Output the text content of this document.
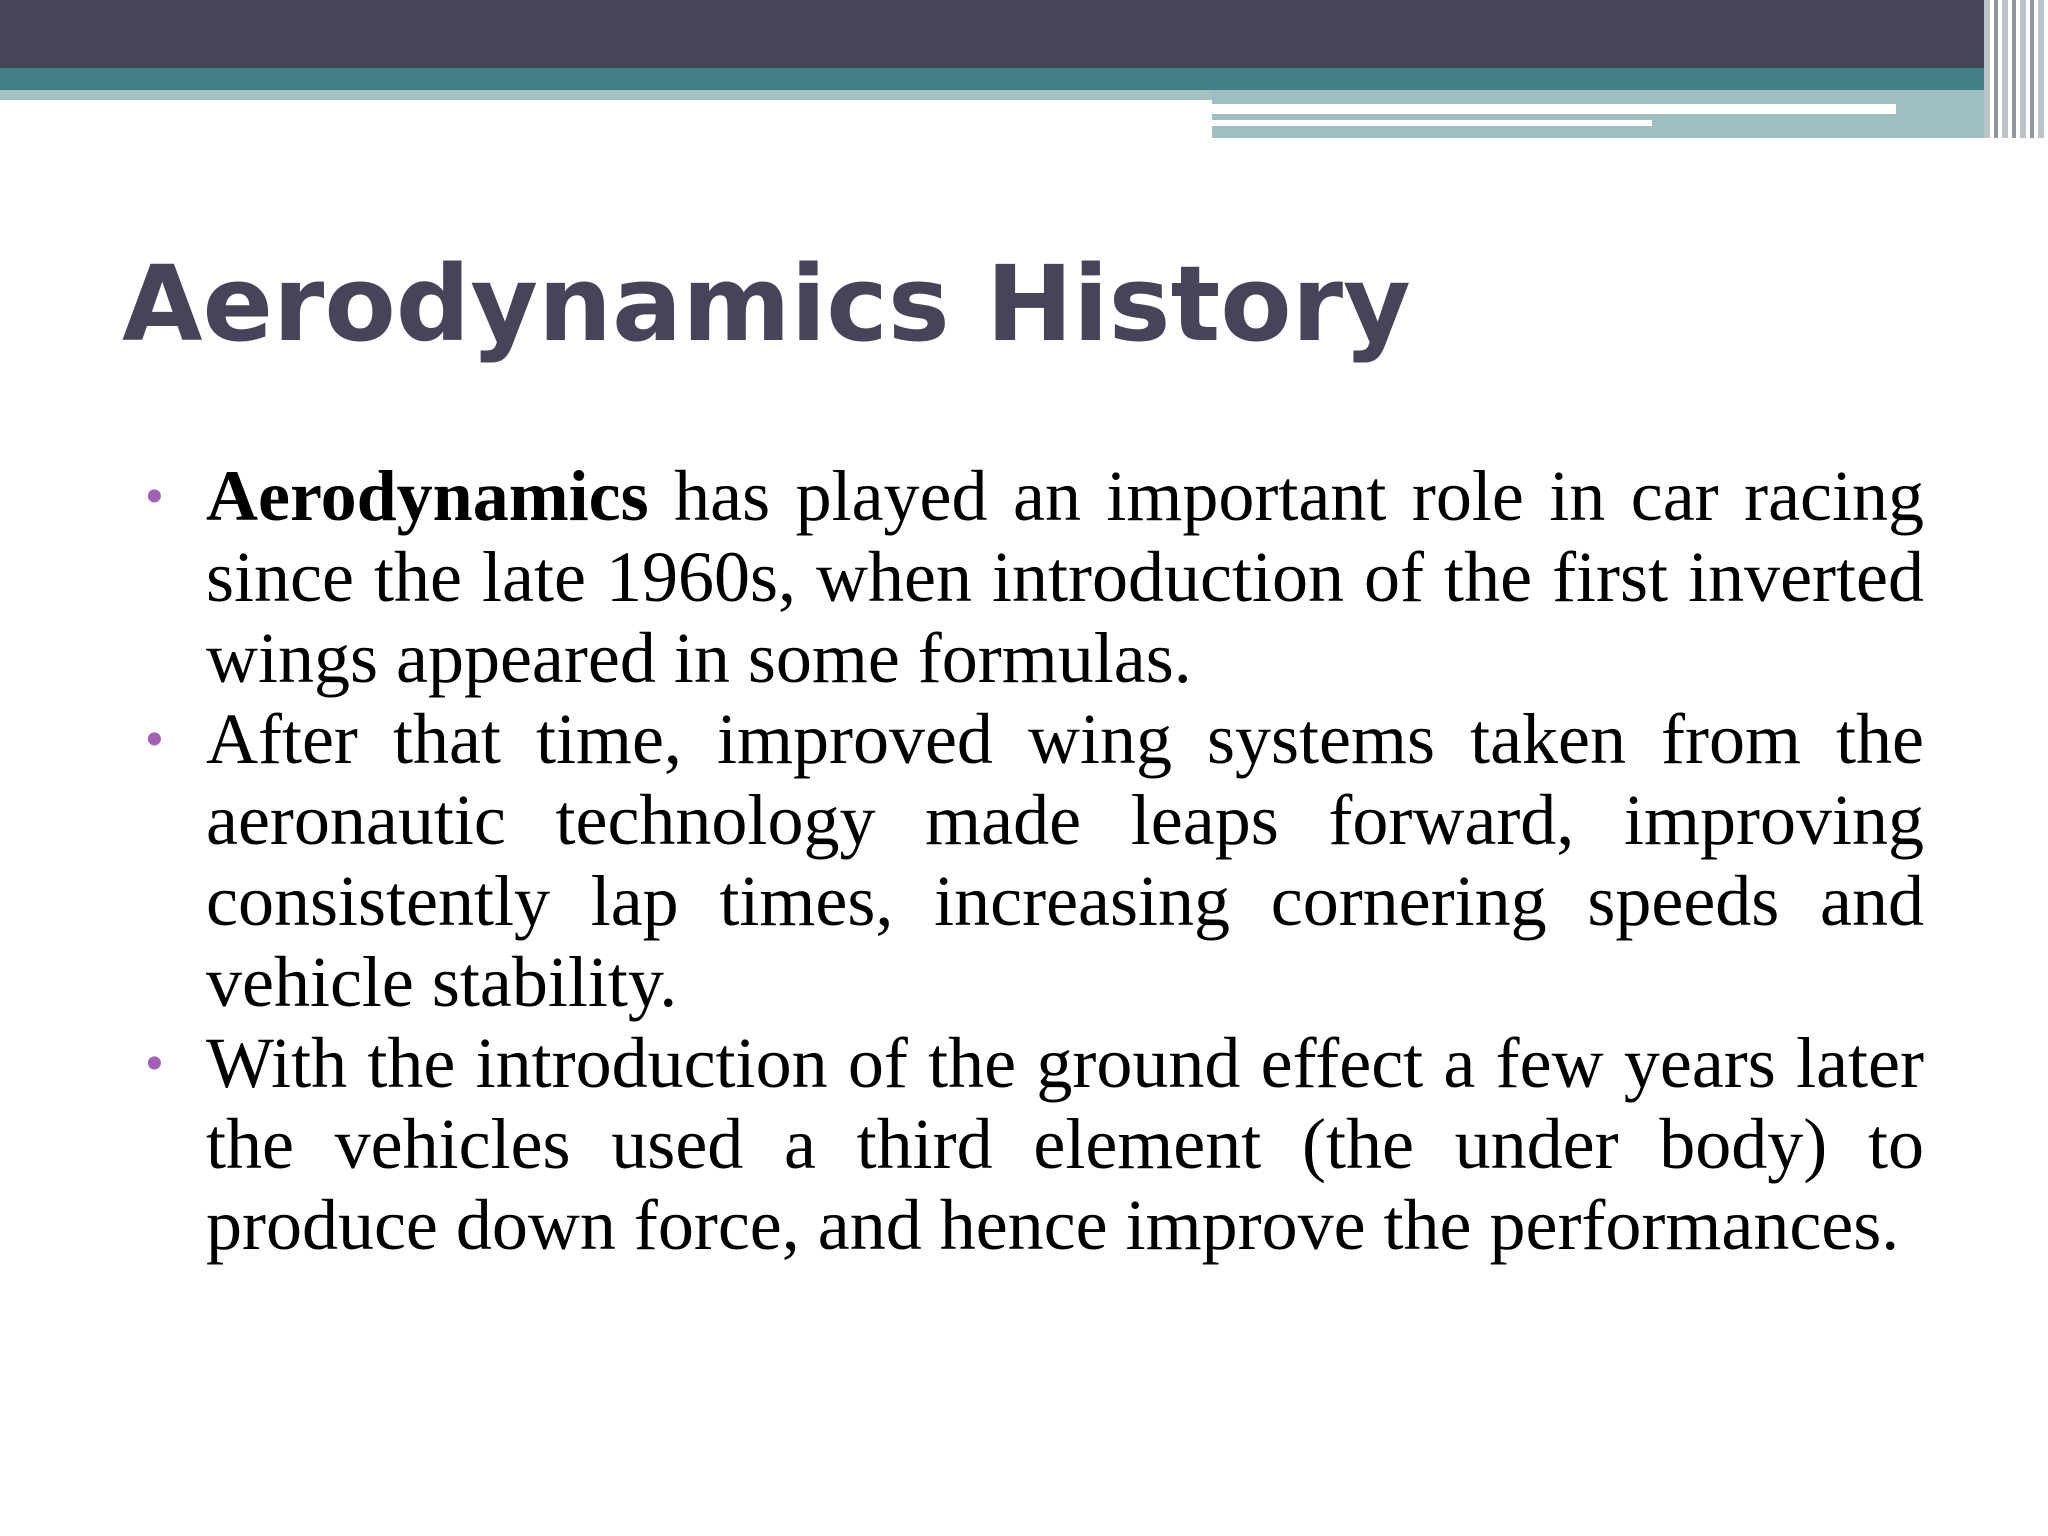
Aerodynamics History
• Aerodynamics has played an important role in car racing since the late 1960s, when introduction of the first inverted wings appeared in some formulas.
• After that time, improved wing systems taken from the aeronautic technology made leaps forward, improving consistently lap times, increasing cornering speeds and vehicle stability.
• With the introduction of the ground effect a few years later the vehicles used a third element (the under body) to produce down force, and hence improve the performances.
